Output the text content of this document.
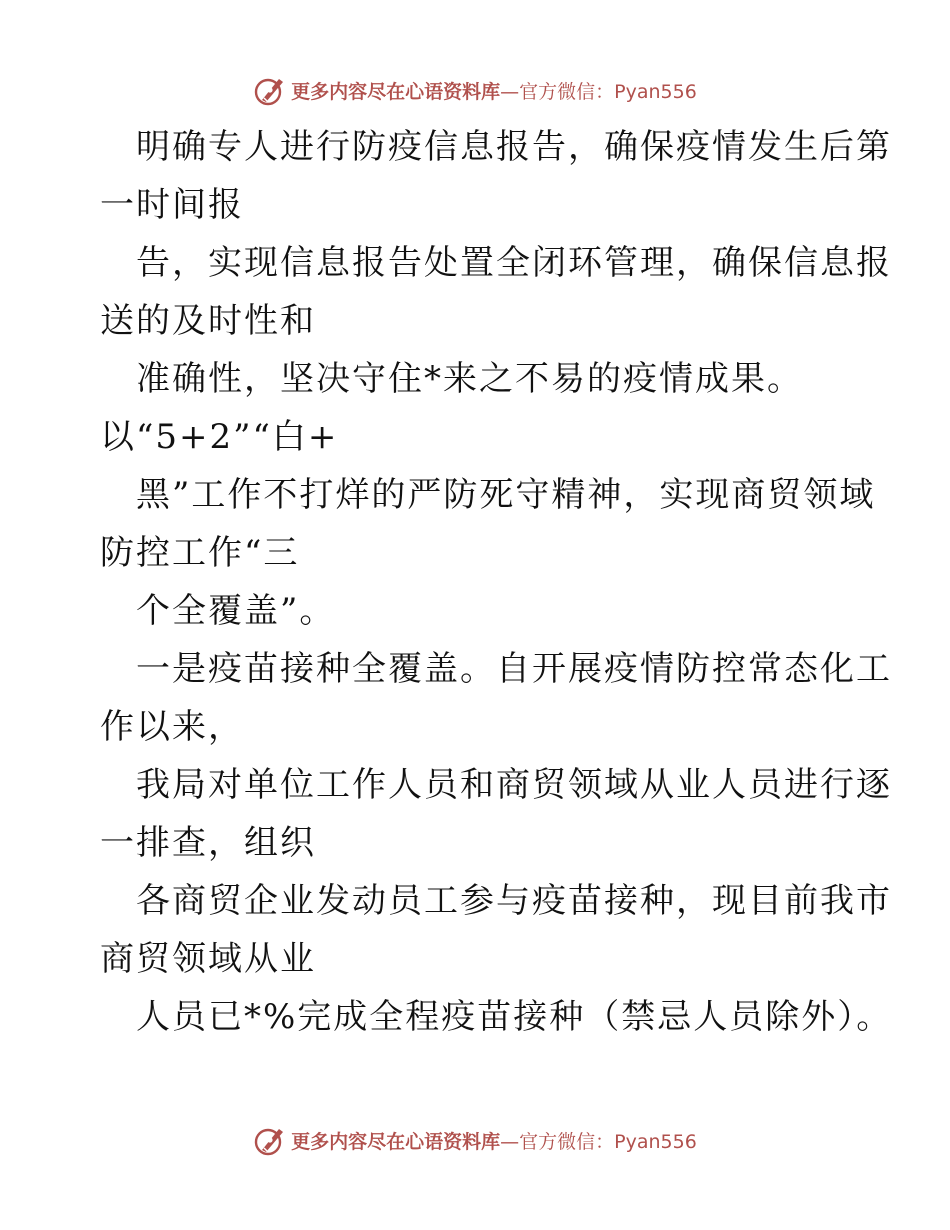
更多内容尽在心语资料库 —官方微信：Pyan556
明确专人进行防疫信息报告，确保疫情发生后第
一时间报
告，实现信息报告处置全闭环管理，确保信息报
送的及时性和
准确性，坚决守住*来之不易的疫情成果。
以“5+2”“白+
黑”工作不打烊的严防死守精神，实现商贸领域
防控工作“三
个全覆盖”。
一是疫苗接种全覆盖。自开展疫情防控常态化工
作以来，
我局对单位工作人员和商贸领域从业人员进行逐
一排查，组织
各商贸企业发动员工参与疫苗接种，现目前我市
商贸领域从业
人员已*%完成全程疫苗接种（禁忌人员除外）。
更多内容尽在心语资料库 —官方微信：Pyan556
